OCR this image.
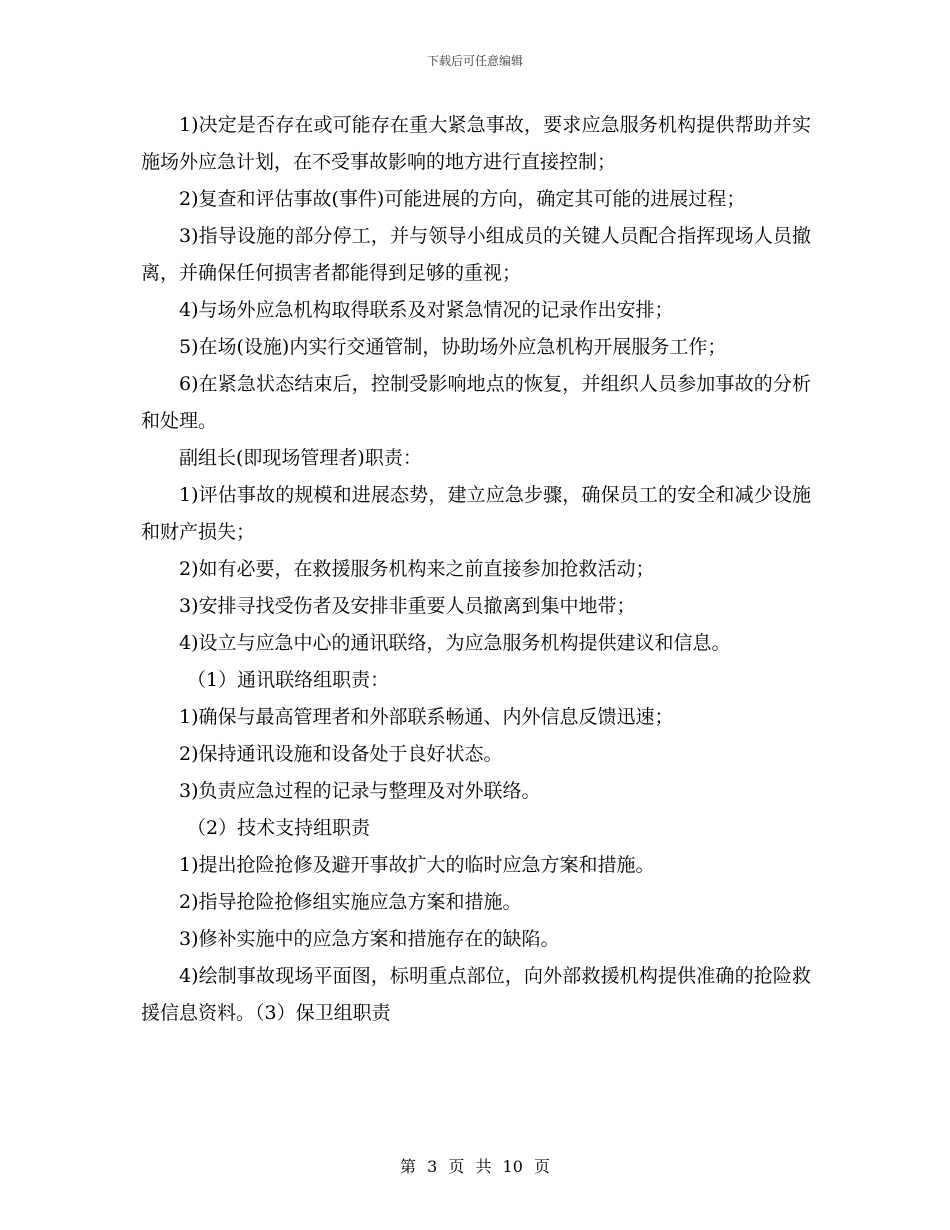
下载后可任意编辑
1)决定是否存在或可能存在重大紧急事故，要求应急服务机构提供帮助并实施场外应急计划，在不受事故影响的地方进行直接控制；
2)复查和评估事故(事件)可能进展的方向，确定其可能的进展过程；
3)指导设施的部分停工，并与领导小组成员的关键人员配合指挥现场人员撤离，并确保任何损害者都能得到足够的重视；
4)与场外应急机构取得联系及对紧急情况的记录作出安排；
5)在场(设施)内实行交通管制，协助场外应急机构开展服务工作；
6)在紧急状态结束后，控制受影响地点的恢复，并组织人员参加事故的分析和处理。
副组长(即现场管理者)职责：
1)评估事故的规模和进展态势，建立应急步骤，确保员工的安全和减少设施和财产损失；
2)如有必要，在救援服务机构来之前直接参加抢救活动；
3)安排寻找受伤者及安排非重要人员撤离到集中地带；
4)设立与应急中心的通讯联络，为应急服务机构提供建议和信息。
（1）通讯联络组职责：
1)确保与最高管理者和外部联系畅通、内外信息反馈迅速；
2)保持通讯设施和设备处于良好状态。
3)负责应急过程的记录与整理及对外联络。
（2）技术支持组职责
1)提出抢险抢修及避开事故扩大的临时应急方案和措施。
2)指导抢险抢修组实施应急方案和措施。
3)修补实施中的应急方案和措施存在的缺陷。
4)绘制事故现场平面图，标明重点部位，向外部救援机构提供准确的抢险救援信息资料。（3）保卫组职责
第 3 页 共 10 页
